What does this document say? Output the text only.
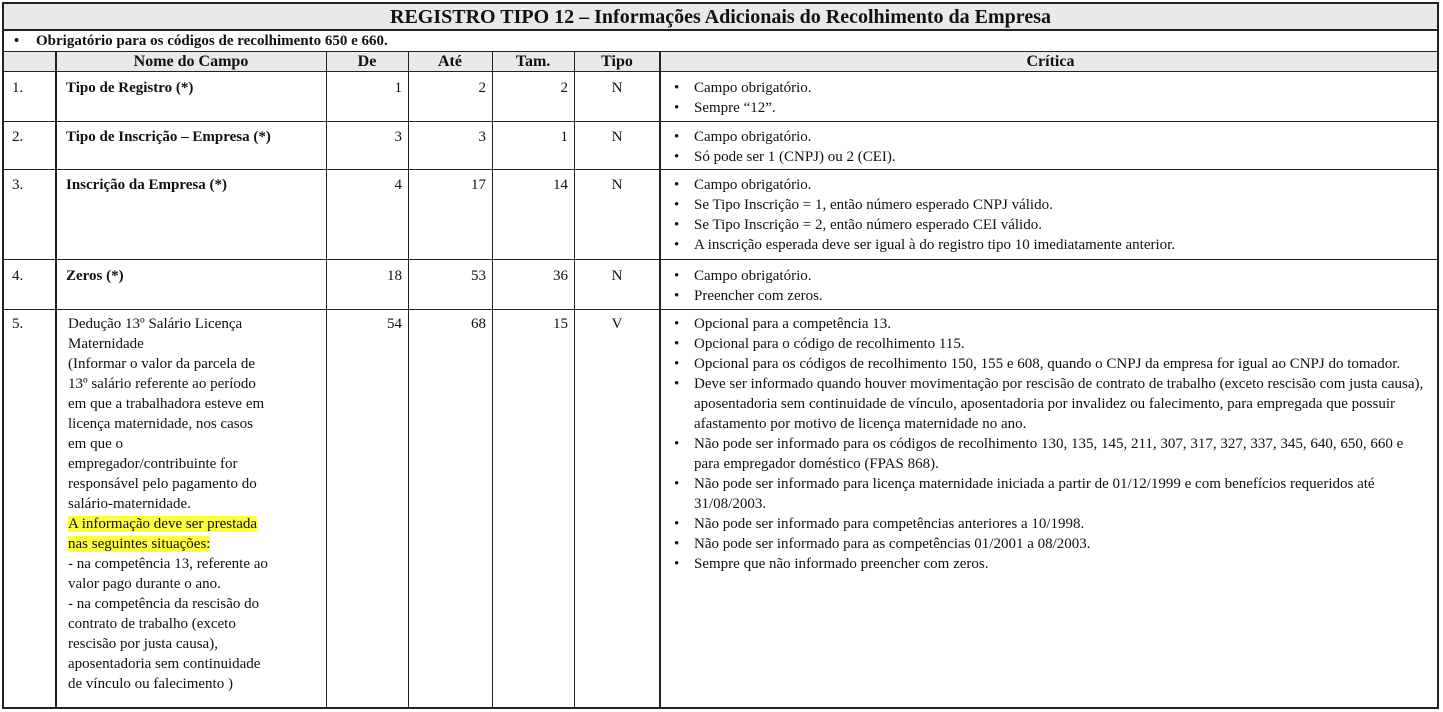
REGISTRO TIPO 12 – Informações Adicionais do Recolhimento da Empresa
• Obrigatório para os códigos de recolhimento 650 e 660.
Nome do Campo	De	Até	Tam.	Tipo	Crítica
1.	Tipo de Registro (*)	1	2	2	N	• Campo obrigatório.
• Sempre “12”.
2.	Tipo de Inscrição – Empresa (*)	3	3	1	N	• Campo obrigatório.
• Só pode ser 1 (CNPJ) ou 2 (CEI).
3.	Inscrição da Empresa (*)	4	17	14	N	• Campo obrigatório.
• Se Tipo Inscrição = 1, então número esperado CNPJ válido.
• Se Tipo Inscrição = 2, então número esperado CEI válido.
• A inscrição esperada deve ser igual à do registro tipo 10 imediatamente anterior.
4.	Zeros (*)	18	53	36	N	• Campo obrigatório.
• Preencher com zeros.
5.	Dedução 13º Salário Licença
Maternidade
(Informar o valor da parcela de
13º salário referente ao período
em que a trabalhadora esteve em
licença maternidade, nos casos
em que o
empregador/contribuinte for
responsável pelo pagamento do
salário-maternidade.
A informação deve ser prestada
nas seguintes situações:
- na competência 13, referente ao
valor pago durante o ano.
- na competência da rescisão do
contrato de trabalho (exceto
rescisão por justa causa),
aposentadoria sem continuidade
de vínculo ou falecimento )
54	68	15	V	• Opcional para a competência 13.
• Opcional para o código de recolhimento 115.
• Opcional para os códigos de recolhimento 150, 155 e 608, quando o CNPJ da empresa for igual ao CNPJ do tomador.
• Deve ser informado quando houver movimentação por rescisão de contrato de trabalho (exceto rescisão com justa causa), aposentadoria sem continuidade de vínculo, aposentadoria por invalidez ou falecimento, para empregada que possuir afastamento por motivo de licença maternidade no ano.
• Não pode ser informado para os códigos de recolhimento 130, 135, 145, 211, 307, 317, 327, 337, 345, 640, 650, 660 e para empregador doméstico (FPAS 868).
• Não pode ser informado para licença maternidade iniciada a partir de 01/12/1999 e com benefícios requeridos até 31/08/2003.
• Não pode ser informado para competências anteriores a 10/1998.
• Não pode ser informado para as competências 01/2001 a 08/2003.
• Sempre que não informado preencher com zeros.
